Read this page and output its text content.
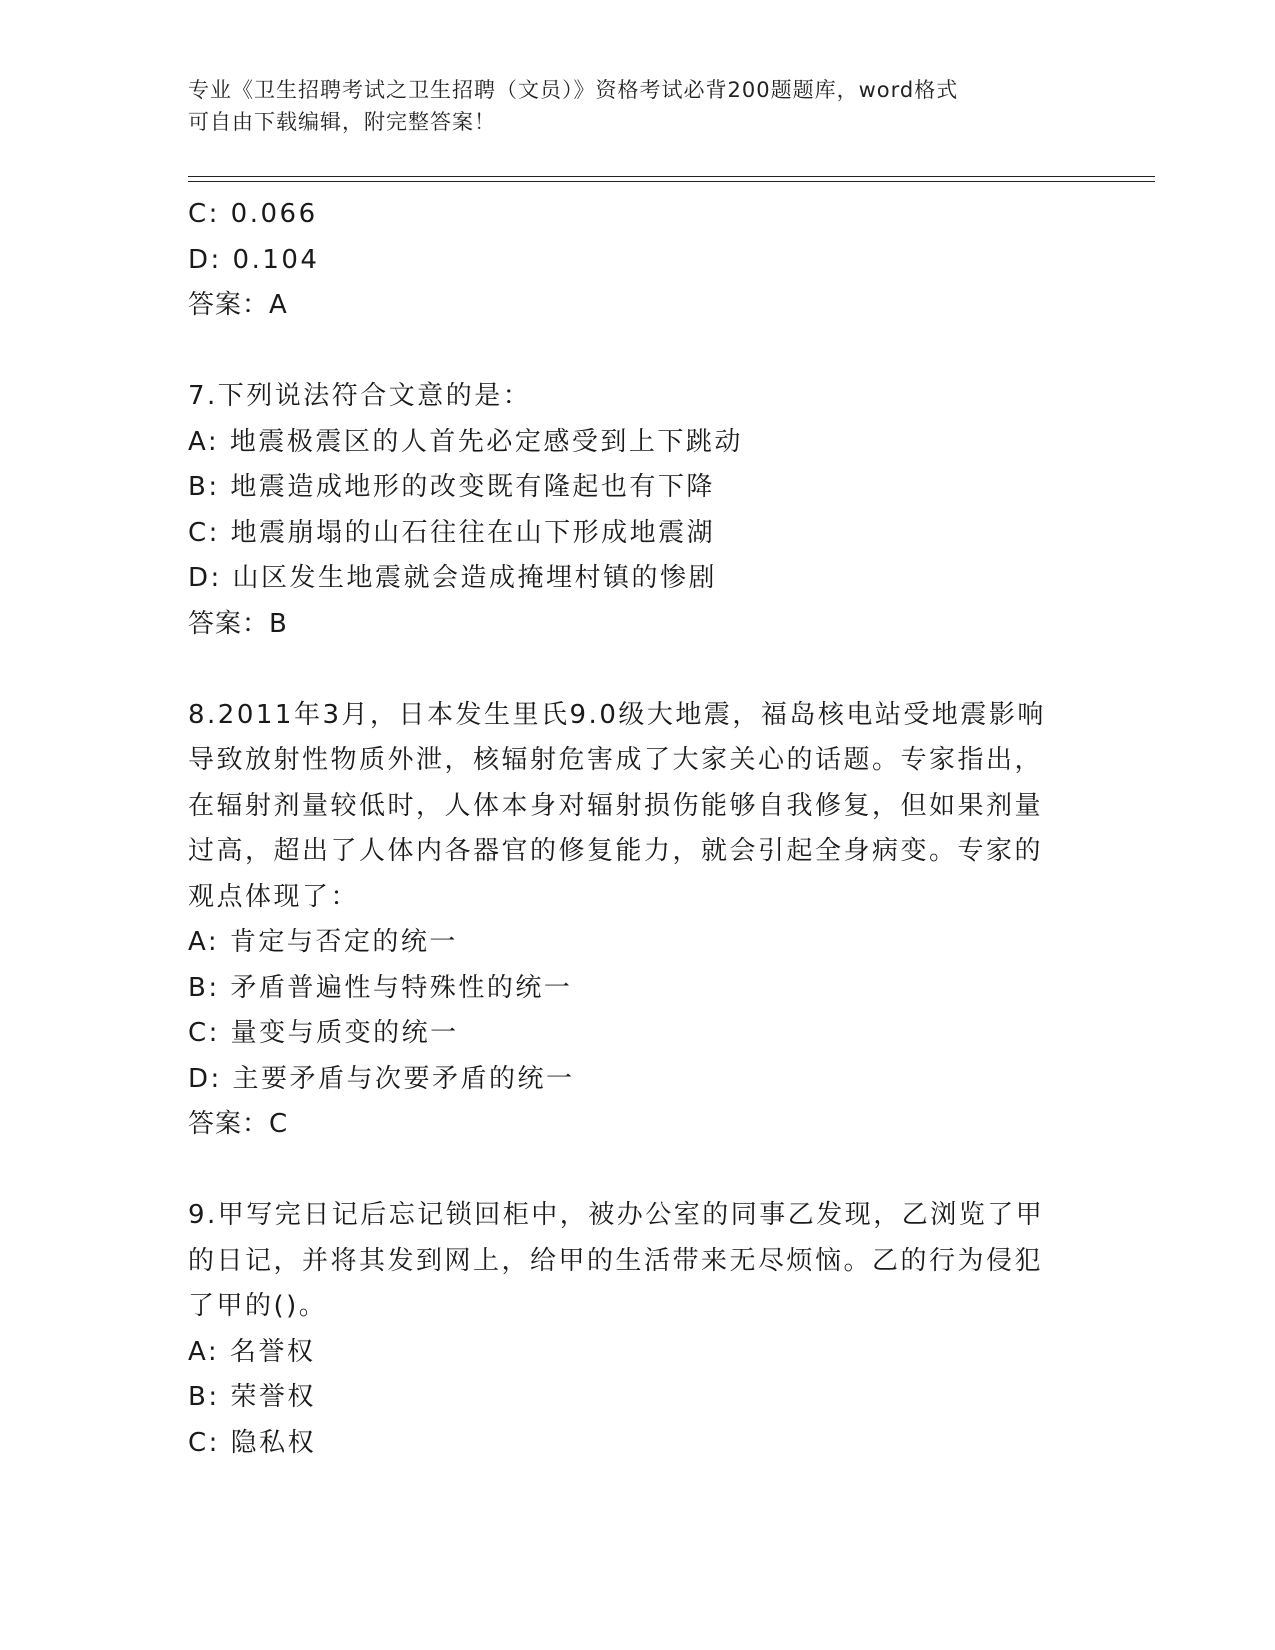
专业《卫生招聘考试之卫生招聘（文员）》资格考试必背200题题库，word格式
可自由下载编辑，附完整答案！
C: 0.066
D: 0.104
答案：A
7.下列说法符合文意的是：
A: 地震极震区的人首先必定感受到上下跳动
B: 地震造成地形的改变既有隆起也有下降
C: 地震崩塌的山石往往在山下形成地震湖
D: 山区发生地震就会造成掩埋村镇的惨剧
答案：B
8.2011年3月，日本发生里氏9.0级大地震，福岛核电站受地震影响
导致放射性物质外泄，核辐射危害成了大家关心的话题。专家指出，
在辐射剂量较低时，人体本身对辐射损伤能够自我修复，但如果剂量
过高，超出了人体内各器官的修复能力，就会引起全身病变。专家的
观点体现了：
A: 肯定与否定的统一
B: 矛盾普遍性与特殊性的统一
C: 量变与质变的统一
D: 主要矛盾与次要矛盾的统一
答案：C
9.甲写完日记后忘记锁回柜中，被办公室的同事乙发现，乙浏览了甲
的日记，并将其发到网上，给甲的生活带来无尽烦恼。乙的行为侵犯
了甲的()。
A: 名誉权
B: 荣誉权
C: 隐私权
